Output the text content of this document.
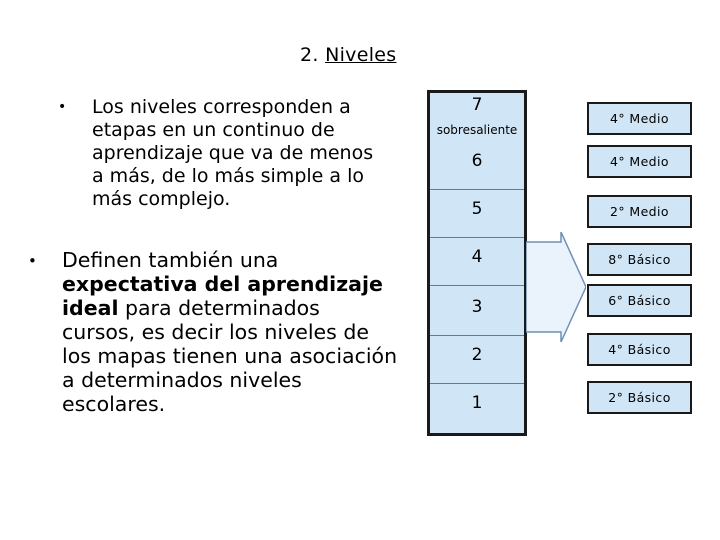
2. Niveles
• Los niveles corresponden a etapas en un continuo de aprendizaje que va de menos a más, de lo más simple a lo más complejo.
• Definen también una expectativa del aprendizaje ideal para determinados cursos, es decir los niveles de los mapas tienen una asociación a determinados niveles escolares.
7
sobresaliente
6
5
4
3
2
1
4° Medio
4° Medio
2° Medio
8° Básico
6° Básico
4° Básico
2° Básico
